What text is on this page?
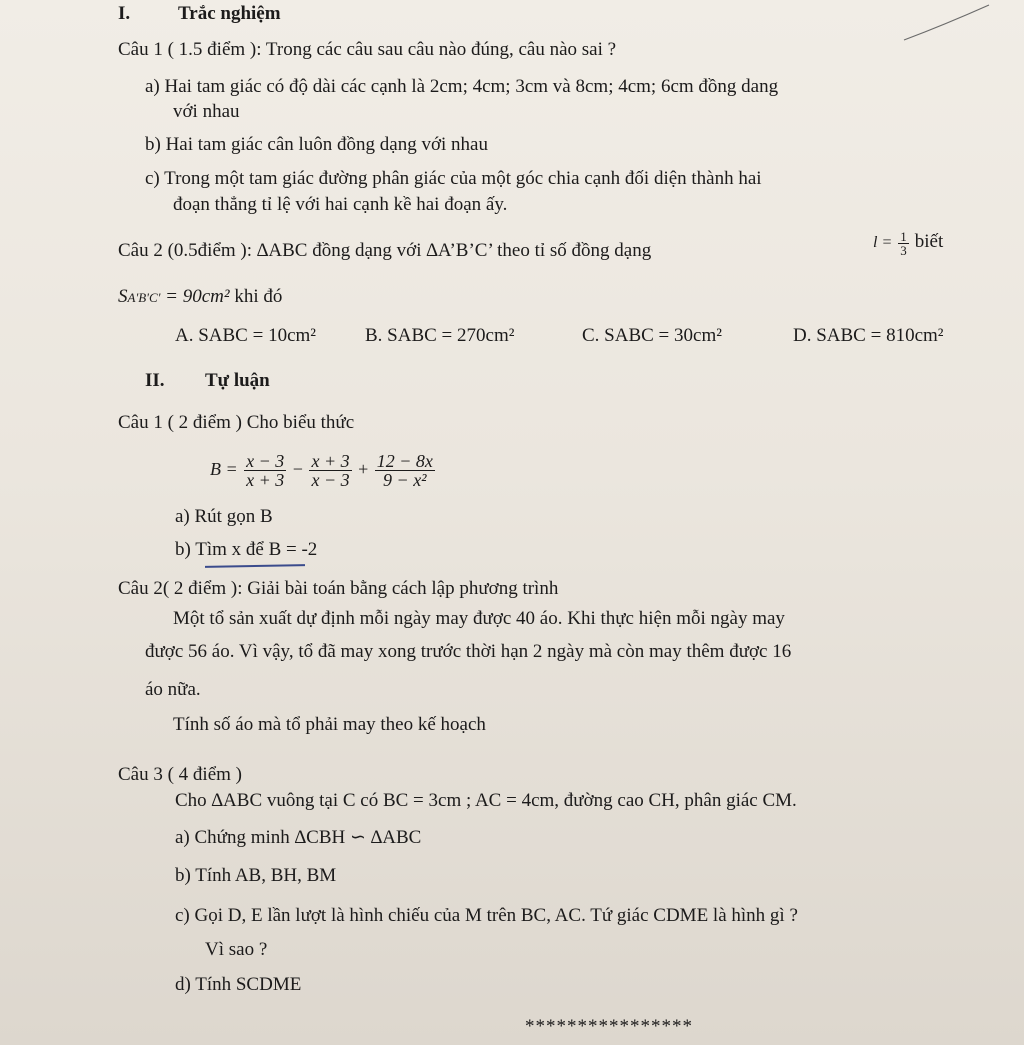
I.	Trắc nghiệm
Câu 1 ( 1.5 điểm ): Trong các câu sau câu nào đúng, câu nào sai ?
a) Hai tam giác có độ dài các cạnh là 2cm; 4cm; 3cm và 8cm; 4cm; 6cm đồng dang
với nhau
b) Hai tam giác cân luôn đồng dạng với nhau
c) Trong một tam giác đường phân giác của một góc chia cạnh đối diện thành hai
đoạn thẳng tỉ lệ với hai cạnh kề hai đoạn ấy.
Câu 2 (0.5điểm ): ∆ABC đồng dạng với ∆A’B’C’ theo tỉ số đồng dạng	$l = \frac{1}{3}$ biết
SA'B'C' = 90cm² khi đó
A. SABC = 10cm²	B. SABC = 270cm²	C. SABC = 30cm²	D. SABC = 810cm²
II. Tự luận
Câu 1 ( 2 điểm ) Cho biểu thức
$B = \frac{x - 3}{x + 3} - \frac{x + 3}{x - 3} + \frac{12 - 8x}{\text{9 − x²}}$
a) Rút gọn B
b) Tìm x để B = -2
Câu 2( 2 điểm ): Giải bài toán bằng cách lập phương trình
Một tổ sản xuất dự định mỗi ngày may được 40 áo. Khi thực hiện mỗi ngày may
được 56 áo. Vì vậy, tổ đã may xong trước thời hạn 2 ngày mà còn may thêm được 16
áo nữa.
Tính số áo mà tổ phải may theo kế hoạch
Câu 3 ( 4 điểm )
Cho ∆ABC vuông tại C có BC = 3cm ; AC = 4cm, đường cao CH, phân giác CM.
a) Chứng minh ∆CBH ∽ ∆ABC
b) Tính AB, BH, BM
c) Gọi D, E lần lượt là hình chiếu của M trên BC, AC. Tứ giác CDME là hình gì ?
Vì sao ?
d) Tính SCDME
****************
